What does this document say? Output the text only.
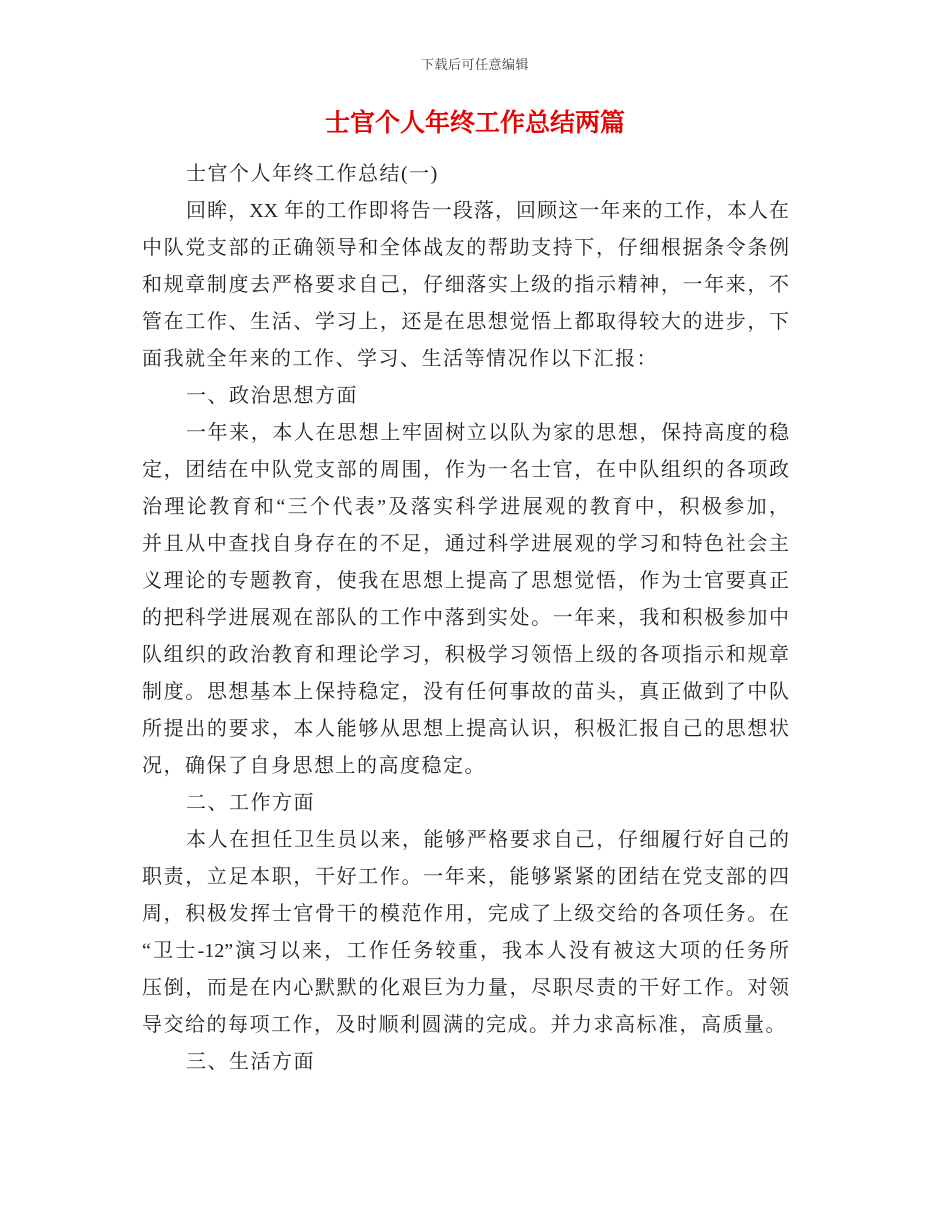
下载后可任意编辑
士官个人年终工作总结两篇
士官个人年终工作总结(一)
回眸，XX 年的工作即将告一段落，回顾这一年来的工作，本人在
中队党支部的正确领导和全体战友的帮助支持下，仔细根据条令条例
和规章制度去严格要求自己，仔细落实上级的指示精神，一年来，不
管在工作、生活、学习上，还是在思想觉悟上都取得较大的进步，下
面我就全年来的工作、学习、生活等情况作以下汇报：
一、政治思想方面
一年来，本人在思想上牢固树立以队为家的思想，保持高度的稳
定，团结在中队党支部的周围，作为一名士官，在中队组织的各项政
治理论教育和“三个代表”及落实科学进展观的教育中，积极参加，
并且从中查找自身存在的不足，通过科学进展观的学习和特色社会主
义理论的专题教育，使我在思想上提高了思想觉悟，作为士官要真正
的把科学进展观在部队的工作中落到实处。一年来，我和积极参加中
队组织的政治教育和理论学习，积极学习领悟上级的各项指示和规章
制度。思想基本上保持稳定，没有任何事故的苗头，真正做到了中队
所提出的要求，本人能够从思想上提高认识，积极汇报自己的思想状
况，确保了自身思想上的高度稳定。
二、工作方面
本人在担任卫生员以来，能够严格要求自己，仔细履行好自己的
职责，立足本职，干好工作。一年来，能够紧紧的团结在党支部的四
周，积极发挥士官骨干的模范作用，完成了上级交给的各项任务。在
“卫士-12”演习以来，工作任务较重，我本人没有被这大项的任务所
压倒，而是在内心默默的化艰巨为力量，尽职尽责的干好工作。对领
导交给的每项工作，及时顺利圆满的完成。并力求高标准，高质量。
三、生活方面
